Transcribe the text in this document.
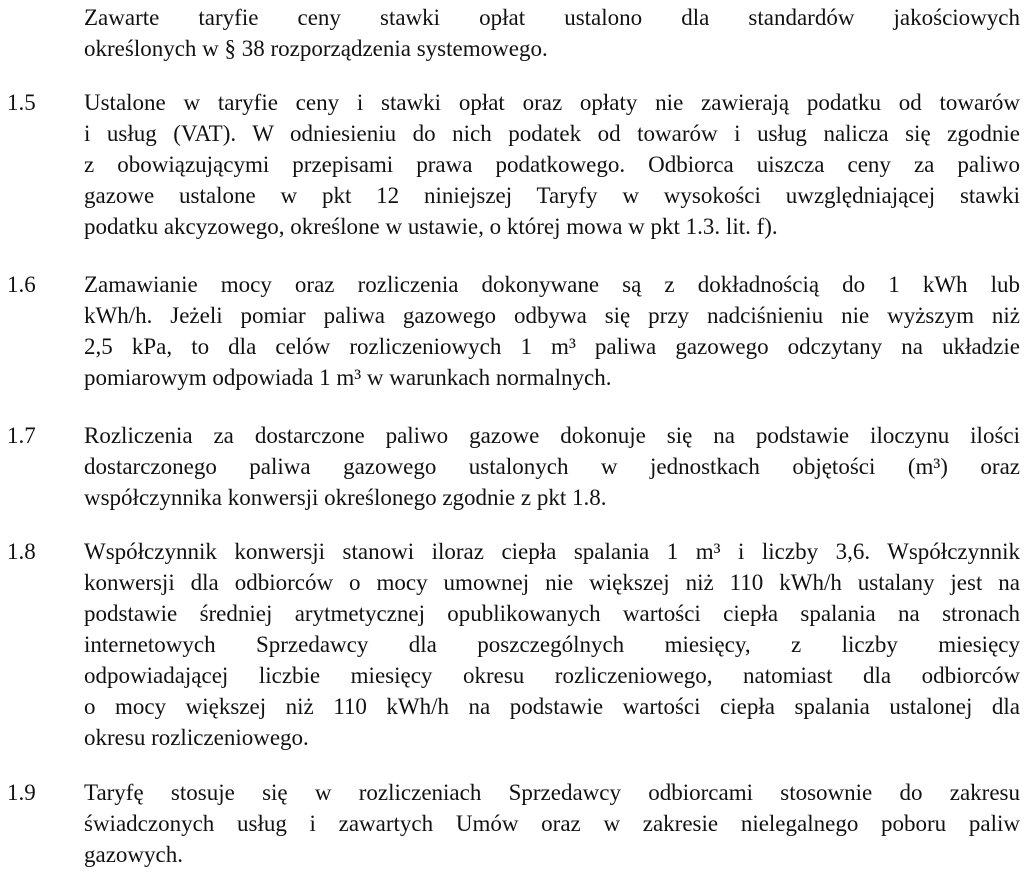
Zawarte taryfie ceny stawki opłat ustalono dla standardów jakościowych
określonych w § 38 rozporządzenia systemowego.
1.5 Ustalone w taryfie ceny i stawki opłat oraz opłaty nie zawierają podatku od towarów
i usług (VAT). W odniesieniu do nich podatek od towarów i usług nalicza się zgodnie
z obowiązującymi przepisami prawa podatkowego. Odbiorca uiszcza ceny za paliwo
gazowe ustalone w pkt 12 niniejszej Taryfy w wysokości uwzględniającej stawki
podatku akcyzowego, określone w ustawie, o której mowa w pkt 1.3. lit. f).
1.6 Zamawianie mocy oraz rozliczenia dokonywane są z dokładnością do 1 kWh lub
kWh/h. Jeżeli pomiar paliwa gazowego odbywa się przy nadciśnieniu nie wyższym niż
2,5 kPa, to dla celów rozliczeniowych 1 m³ paliwa gazowego odczytany na układzie
pomiarowym odpowiada 1 m³ w warunkach normalnych.
1.7 Rozliczenia za dostarczone paliwo gazowe dokonuje się na podstawie iloczynu ilości
dostarczonego paliwa gazowego ustalonych w jednostkach objętości (m³) oraz
współczynnika konwersji określonego zgodnie z pkt 1.8.
1.8 Współczynnik konwersji stanowi iloraz ciepła spalania 1 m³ i liczby 3,6. Współczynnik
konwersji dla odbiorców o mocy umownej nie większej niż 110 kWh/h ustalany jest na
podstawie średniej arytmetycznej opublikowanych wartości ciepła spalania na stronach
internetowych Sprzedawcy dla poszczególnych miesięcy, z liczby miesięcy
odpowiadającej liczbie miesięcy okresu rozliczeniowego, natomiast dla odbiorców
o mocy większej niż 110 kWh/h na podstawie wartości ciepła spalania ustalonej dla
okresu rozliczeniowego.
1.9 Taryfę stosuje się w rozliczeniach Sprzedawcy odbiorcami stosownie do zakresu
świadczonych usług i zawartych Umów oraz w zakresie nielegalnego poboru paliw
gazowych.
